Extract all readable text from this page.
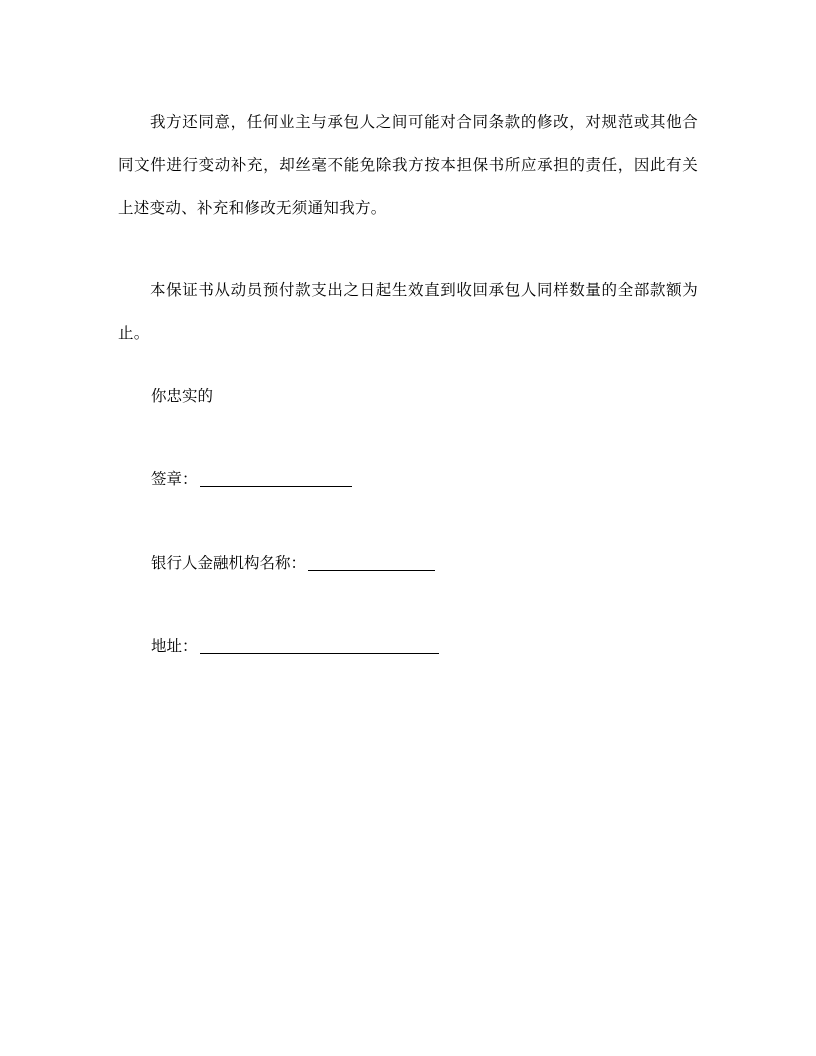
我方还同意，任何业主与承包人之间可能对合同条款的修改，对规范或其他合同文件进行变动补充，却丝毫不能免除我方按本担保书所应承担的责任，因此有关上述变动、补充和修改无须通知我方。

本保证书从动员预付款支出之日起生效直到收回承包人同样数量的全部款额为止。

你忠实的
签章：
银行人金融机构名称：
地址：
